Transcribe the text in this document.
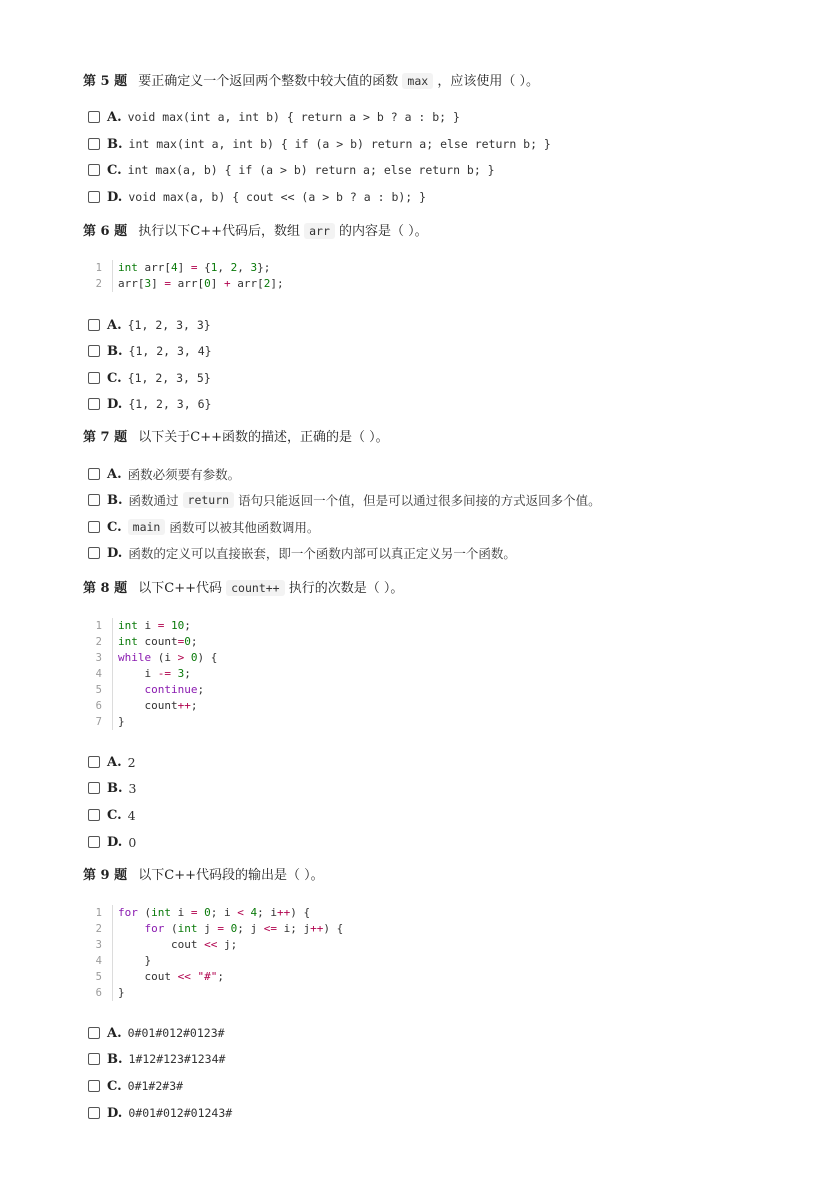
第 5 题 要正确定义一个返回两个整数中较大值的函数 max ，应该使用（ ）。
A. void max(int a, int b) { return a > b ? a : b; }
B. int max(int a, int b) { if (a > b) return a; else return b; }
C. int max(a, b) { if (a > b) return a; else return b; }
D. void max(a, b) { cout << (a > b ? a : b); }
第 6 题 执行以下C++代码后，数组 arr 的内容是（ ）。
1 int arr[4] = {1, 2, 3};
2 arr[3] = arr[0] + arr[2];
A. {1, 2, 3, 3}
B. {1, 2, 3, 4}
C. {1, 2, 3, 5}
D. {1, 2, 3, 6}
第 7 题 以下关于C++函数的描述，正确的是（ ）。
A. 函数必须要有参数。
B. 函数通过 return 语句只能返回一个值，但是可以通过很多间接的方式返回多个值。
C. main 函数可以被其他函数调用。
D. 函数的定义可以直接嵌套，即一个函数内部可以真正定义另一个函数。
第 8 题 以下C++代码 count++ 执行的次数是（ ）。
1 int i = 10;
2 int count=0;
3 while (i > 0) {
4 i -= 3;
5	continue;
6 count++;
7 }
A. 2
B. 3
C. 4
D. 0
第 9 题 以下C++代码段的输出是（ ）。
1 for (int i = 0; i < 4; i++) {
2	for (int j = 0; j <= i; j++) {
3 cout << j;
4 }
5 cout << "#";
6 }
A. 0#01#012#0123#
B. 1#12#123#1234#
C. 0#1#2#3#
D. 0#01#012#01243#
